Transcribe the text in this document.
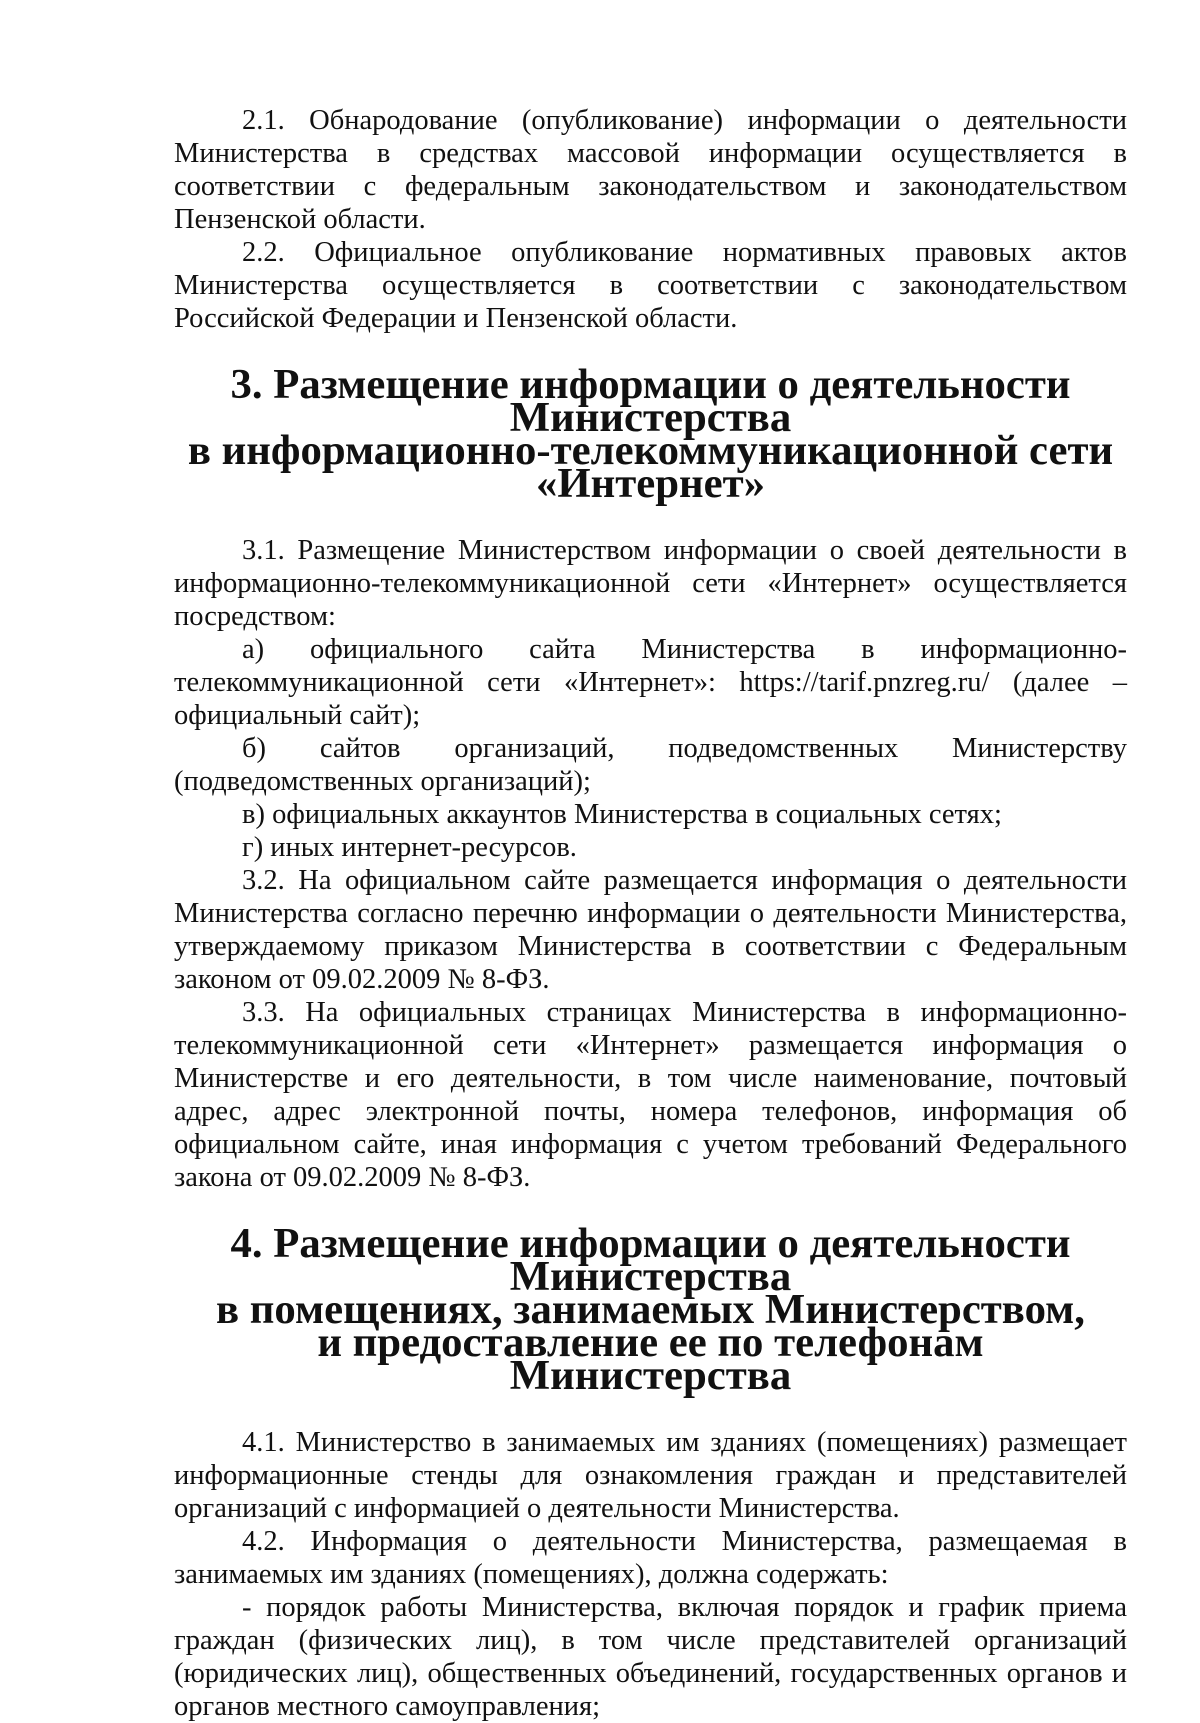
2.1. Обнародование (опубликование) информации о деятельности Министерства в средствах массовой информации осуществляется в соответствии с федеральным законодательством и законодательством Пензенской области.

2.2. Официальное опубликование нормативных правовых актов Министерства осуществляется в соответствии с законодательством Российской Федерации и Пензенской области.

3. Размещение информации о деятельности Министерства
в информационно-телекоммуникационной сети «Интернет»

3.1. Размещение Министерством информации о своей деятельности в информационно-телекоммуникационной сети «Интернет» осуществляется посредством:

а) официального сайта Министерства в информационно-телекоммуникационной сети «Интернет»: https://tarif.pnzreg.ru/ (далее – официальный сайт);

б) сайтов организаций, подведомственных Министерству (подведомственных организаций);

в) официальных аккаунтов Министерства в социальных сетях;

г) иных интернет-ресурсов.

3.2. На официальном сайте размещается информация о деятельности Министерства согласно перечню информации о деятельности Министерства, утверждаемому приказом Министерства в соответствии с Федеральным законом от 09.02.2009 № 8-ФЗ.

3.3. На официальных страницах Министерства в информационно-телекоммуникационной сети «Интернет» размещается информация о Министерстве и его деятельности, в том числе наименование, почтовый адрес, адрес электронной почты, номера телефонов, информация об официальном сайте, иная информация с учетом требований Федерального закона от 09.02.2009 № 8-ФЗ.

4. Размещение информации о деятельности Министерства
в помещениях, занимаемых Министерством,
и предоставление ее по телефонам Министерства

4.1. Министерство в занимаемых им зданиях (помещениях) размещает информационные стенды для ознакомления граждан и представителей организаций с информацией о деятельности Министерства.

4.2. Информация о деятельности Министерства, размещаемая в занимаемых им зданиях (помещениях), должна содержать:

- порядок работы Министерства, включая порядок и график приема граждан (физических лиц), в том числе представителей организаций (юридических лиц), общественных объединений, государственных органов и органов местного самоуправления;
